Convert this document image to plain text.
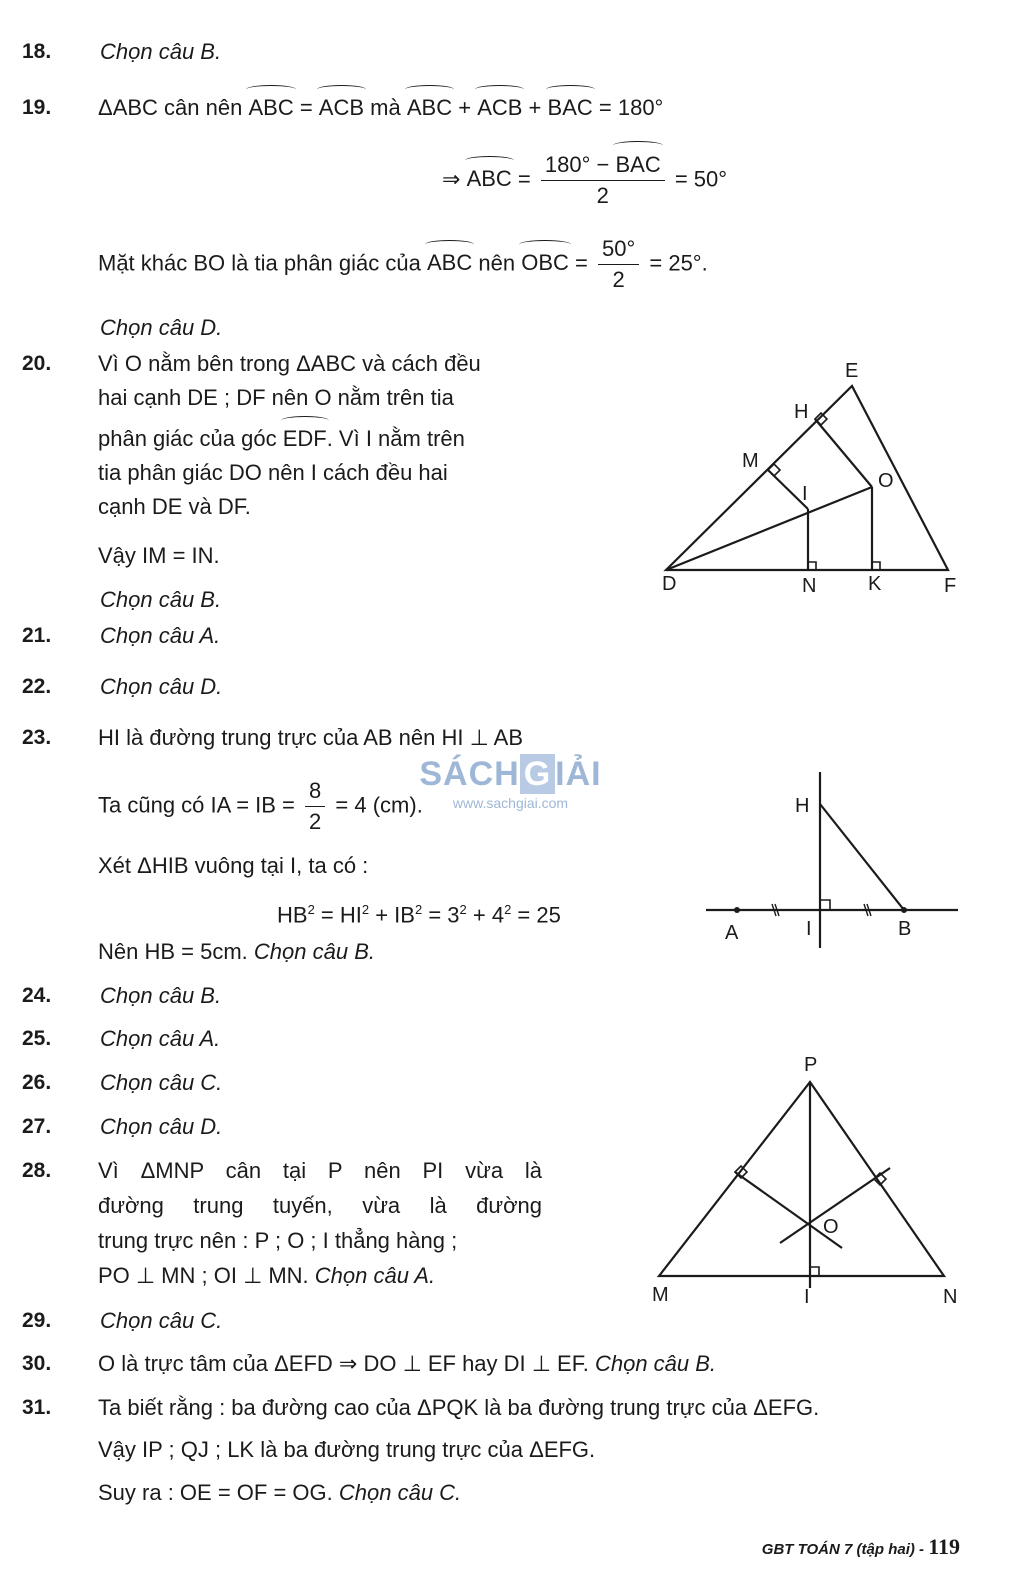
18. Chọn câu B.
19. ΔABC cân nên ABC = ACB mà ABC + ACB + BAC = 180°
⇒ ABC = $\frac{\text{180° − BAC}}{2} = 50^\circ$
Mặt khác BO là tia phân giác của ABC nên OBC = $\frac{50^\circ}{2} = 25^\circ$.
Chọn câu D.
20. Vì O nằm bên trong ΔABC và cách đều
hai cạnh DE ; DF nên O nằm trên tia
phân giác của góc EDF. Vì I nằm trên
tia phân giác DO nên I cách đều hai
cạnh DE và DF.
Vậy IM = IN.
Chọn câu B.
E
H
M
O
I
D	N	K	F
21. Chọn câu A.
22. Chọn câu D.
23. HI là đường trung trực của AB nên HI ⊥ AB
Ta cũng có IA = IB = $\frac{8}{2} = 4$ (cm).
Xét ΔHIB vuông tại I, ta có :
$HB^2 = HI^2 + IB^2 = 3^2 + 4^2 = 25$
Nên HB = 5cm. Chọn câu B.
H
A	I	B
SÁCH G IẢI
www.sachgiai.com
24. Chọn câu B.
25. Chọn câu A.
26. Chọn câu C.
27. Chọn câu D.
28. Vì ΔMNP cân tại P nên PI vừa là
đường trung tuyến, vừa là đường
trung trực nên : P ; O ; I thẳng hàng ;
PO ⊥ MN ; OI ⊥ MN. Chọn câu A.
P
O
M	I	N
29. Chọn câu C.
30. O là trực tâm của ΔEFD ⇒ DO ⊥ EF hay DI ⊥ EF. Chọn câu B.
31. Ta biết rằng : ba đường cao của ΔPQK là ba đường trung trực của ΔEFG.
Vậy IP ; QJ ; LK là ba đường trung trực của ΔEFG.
Suy ra : OE = OF = OG. Chọn câu C.
GBT TOÁN 7 (tập hai) - 119
